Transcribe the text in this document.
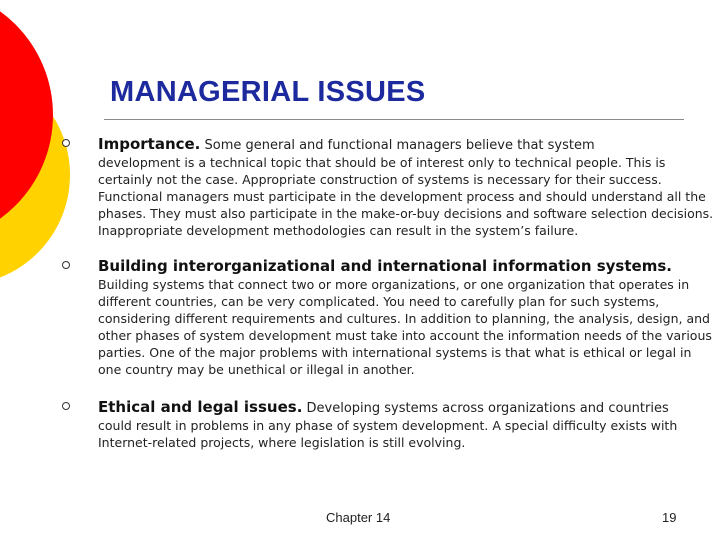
MANAGERIAL ISSUES
Importance. Some general and functional managers believe that system
development is a technical topic that should be of interest only to technical people. This is certainly not the case. Appropriate construction of systems is necessary for their success. Functional managers must participate in the development process and should understand all the phases. They must also participate in the make-or-buy decisions and software selection decisions. Inappropriate development methodologies can result in the system’s failure.
Building interorganizational and international information systems.
Building systems that connect two or more organizations, or one organization that operates in different countries, can be very complicated. You need to carefully plan for such systems, considering different requirements and cultures. In addition to planning, the analysis, design, and other phases of system development must take into account the information needs of the various parties. One of the major problems with international systems is that what is ethical or legal in one country may be unethical or illegal in another.
Ethical and legal issues. Developing systems across organizations and countries
could result in problems in any phase of system development. A special difficulty exists with Internet-related projects, where legislation is still evolving.
Chapter 14	19
